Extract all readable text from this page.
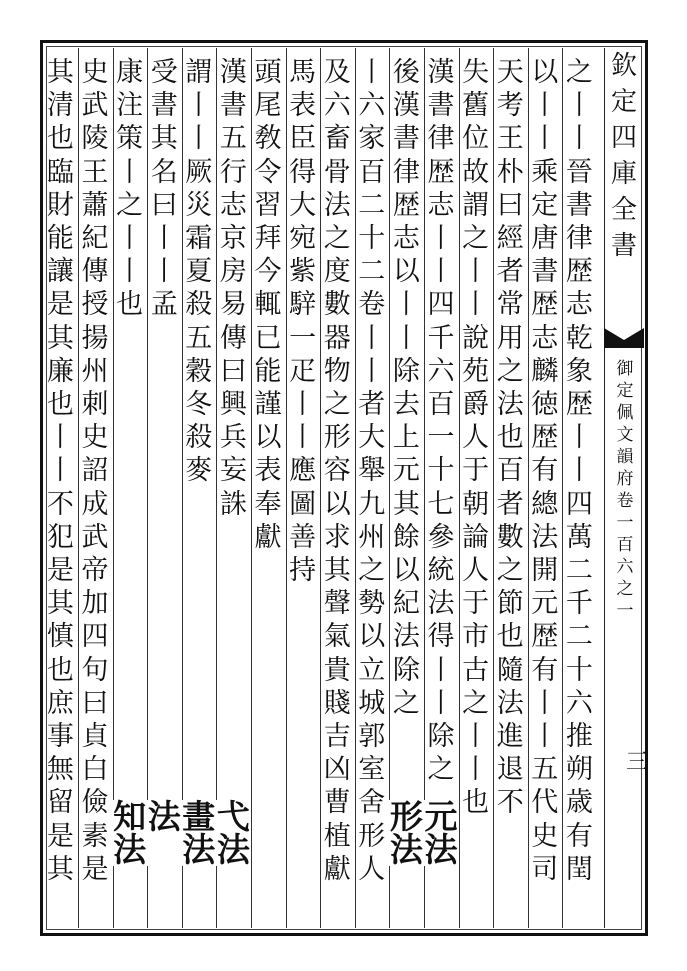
欽
定
四
庫
全
書
御
定
佩
文
韻
府
卷
一
百
六
之
一
三
之
丨
丨
晉
書
律
歴
志
乾
象
歴
丨
丨
四
萬
二
千
二
十
六
推
朔
歳
有
閏
以
丨
丨
乘
定
唐
書
歴
志
麟
徳
歴
有
總
法
開
元
歴
有
丨
丨
五
代
史
司
天
考
王
朴
曰
經
者
常
用
之
法
也
百
者
數
之
節
也
隨
法
進
退
不
失
舊
位
故
謂
之
丨
丨
說
苑
爵
人
于
朝
論
人
于
市
古
之
丨
丨
也
漢
書
律
歴
志
丨
丨
四
千
六
百
一
十
七
參
統
法
得
丨
丨
除
之
後
漢
書
律
歴
志
以
丨
丨
除
去
上
元
其
餘
以
紀
法
除
之
丨
六
家
百
二
十
二
卷
丨
丨
者
大
舉
九
州
之
勢
以
立
城
郭
室
舍
形
人
及
六
畜
骨
法
之
度
數
器
物
之
形
容
以
求
其
聲
氣
貴
賤
吉
凶
曹
植
獻
馬
表
臣
得
大
宛
紫
騂
一
疋
丨
丨
應
圖
善
持
頭
尾
敎
令
習
拜
今
輒
已
能
謹
以
表
奉
獻
漢
書
五
行
志
京
房
易
傳
曰
興
兵
妄
誅
謂
丨
丨
厥
災
霜
夏
殺
五
穀
冬
殺
麥
受
書
其
名
曰
丨
丨
孟
康
注
策
丨
之
丨
丨
也
史
武
陵
王
蕭
紀
傳
授
揚
州
刺
史
詔
成
武
帝
加
四
句
曰
貞
白
儉
素
是
其
清
也
臨
財
能
讓
是
其
廉
也
丨
丨
不
犯
是
其
慎
也
庶
事
無
留
是
其
元
法
形
法
弋
法
畫
法
法
知
法
